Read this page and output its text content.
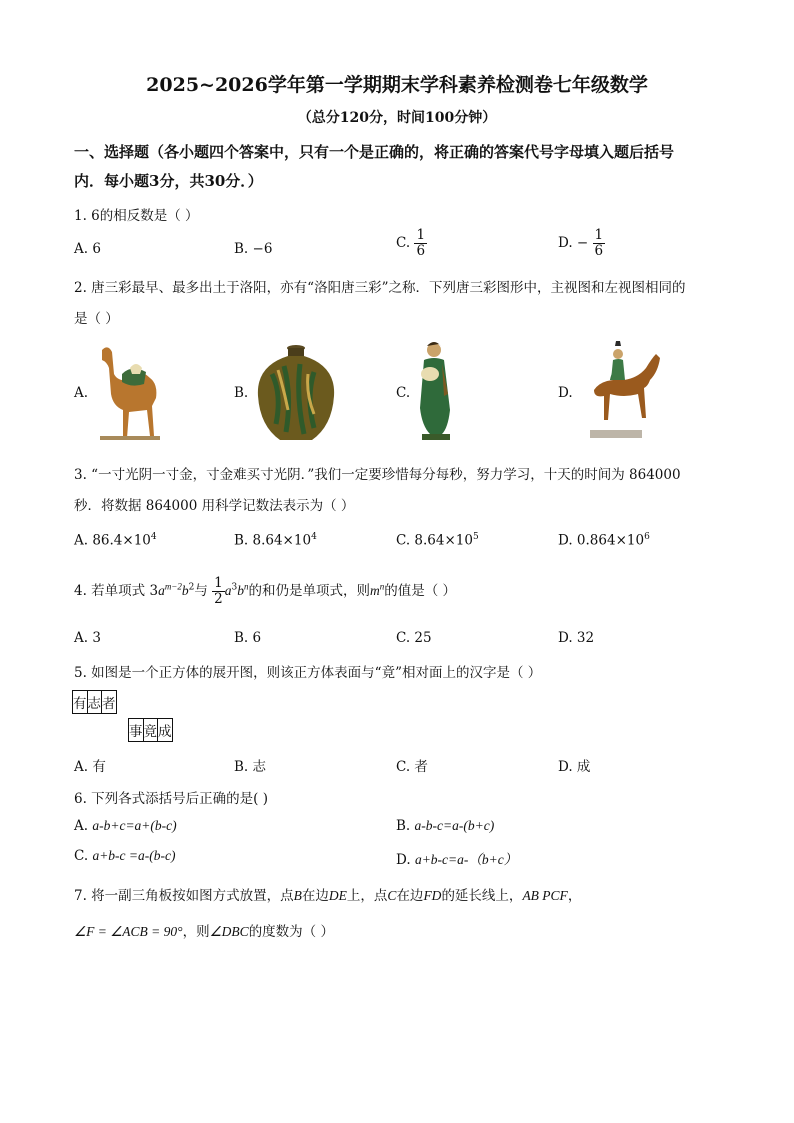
2025~2026学年第一学期期末学科素养检测卷七年级数学
（总分120分，时间100分钟）
一、选择题（各小题四个答案中，只有一个是正确的，将正确的答案代号字母填入题后括号
内．每小题3分，共30分．）
1. 6的相反数是（ ）
A. 6	B. −6	C. $\frac{1}{6}$	D. − $\frac{1}{6}$
2. 唐三彩最早、最多出土于洛阳，亦有“洛阳唐三彩”之称．下列唐三彩图形中，主视图和左视图相同的
是（ ）
A.	B.	C.	D.
3. “一寸光阴一寸金，寸金难买寸光阴．”我们一定要珍惜每分每秒，努力学习，十天的时间为 864000
秒．将数据 864000 用科学记数法表示为（ ）
A. $86.4\times 10^4$	B. $8.64\times 10^4$	C. $8.64\times 10^5$	D. $0.864\times 10^6$
4. 若单项式 $3a^{m-2}b^2$与 $\frac{1}{2} a^3b^n$的和仍是单项式，则$m^n$的值是（ ）
A. 3	B. 6	C. 25	D. 32
5. 如图是一个正方体的展开图，则该正方体表面与“竟”相对面上的汉字是（ ）
有	志	者
事	竟	成
A. 有	B. 志	C. 者	D. 成
6. 下列各式添括号后正确的是( )
A. a-b+c=a+(b-c)	B. a-b-c=a-(b+c)
C. a+b-c =a-(b-c)	D. a+b-c=a-（b+c）
7. 将一副三角板按如图方式放置，点B在边DE上，点C在边FD的延长线上，AB PCF，
∠F = ∠ACB = 90°，则∠DBC的度数为（ ）
